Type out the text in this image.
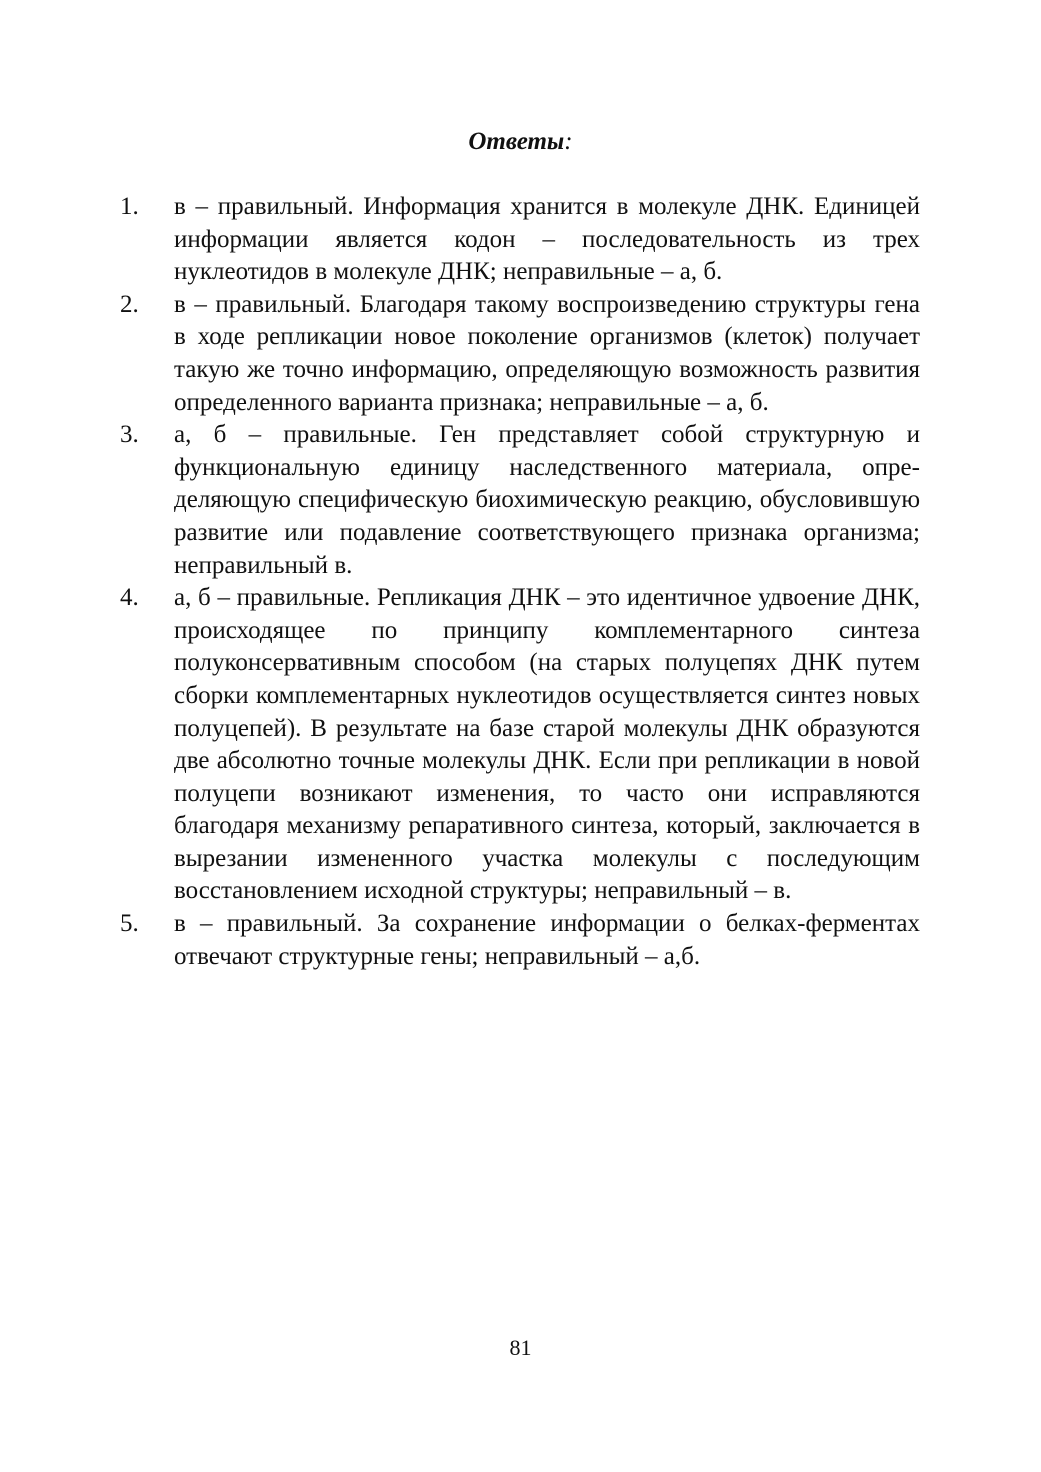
Ответы:
1.	в – правильный. Информация хранится в молекуле ДНК. Единицей информации является кодон – последовательность из трех нуклеотидов в молекуле ДНК; неправильные – а, б.
2.	в – правильный. Благодаря такому воспроизведению структуры гена в ходе репликации новое поколение организмов (клеток) получает такую же точно информацию, определяющую возможность развития определенного варианта признака; неправильные – а, б.
3.	а, б – правильные. Ген представляет собой структурную и функциональную единицу наследственного материала, определяющую специфическую биохимическую реакцию, обусловившую развитие или подавление соответствующего признака организма; неправильный в.
4.	а, б – правильные. Репликация ДНК – это идентичное удвоение ДНК, происходящее по принципу комплементарного синтеза полуконсервативным способом (на старых полуцепях ДНК путем сборки комплементарных нуклеотидов осуществляется синтез новых полуцепей). В результате на базе старой молекулы ДНК образуются две абсолютно точные молекулы ДНК. Если при репликации в новой полуцепи возникают изменения, то часто они исправляются благодаря механизму репаративного синтеза, который, заключается в вырезании измененного участка молекулы с последующим восстановлением исходной структуры; неправильный – в.
5.	в – правильный. За сохранение информации о белках-ферментах отвечают структурные гены; неправильный – а,б.
81
